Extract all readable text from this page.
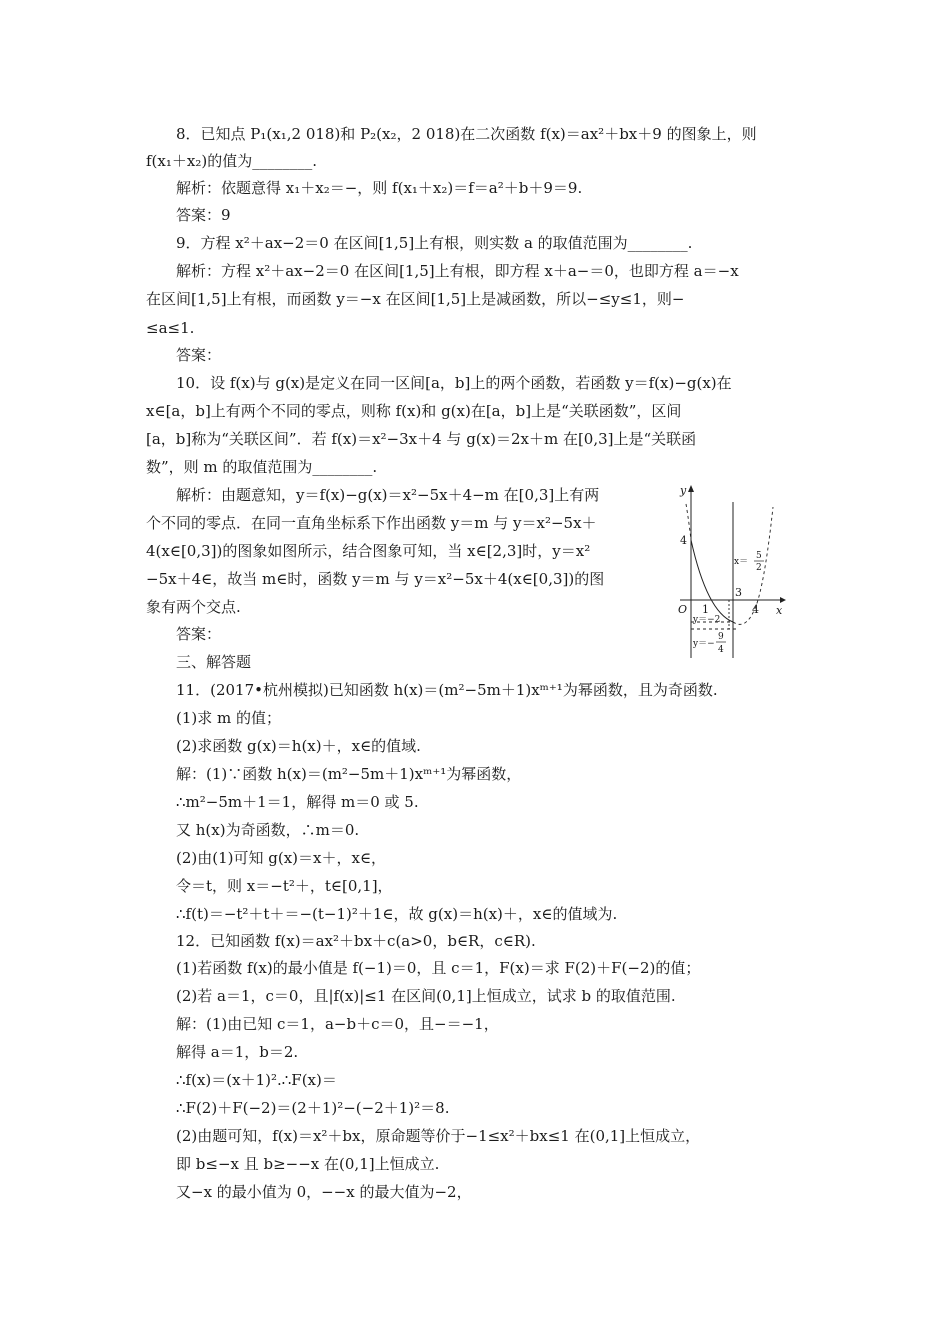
8．已知点 P₁(x₁,2 018)和 P₂(x₂，2 018)在二次函数 f(x)＝ax²＋bx＋9 的图象上，则
f(x₁＋x₂)的值为________.
解析：依题意得 x₁＋x₂＝−，则 f(x₁＋x₂)＝f＝a²＋b＋9＝9.
答案：9
9．方程 x²＋ax−2＝0 在区间[1,5]上有根，则实数 a 的取值范围为________.
解析：方程 x²＋ax−2＝0 在区间[1,5]上有根，即方程 x＋a−＝0，也即方程 a＝−x
在区间[1,5]上有根，而函数 y＝−x 在区间[1,5]上是减函数，所以−≤y≤1，则−
≤a≤1.
答案：
10．设 f(x)与 g(x)是定义在同一区间[a，b]上的两个函数，若函数 y＝f(x)−g(x)在
x∈[a，b]上有两个不同的零点，则称 f(x)和 g(x)在[a，b]上是“关联函数”，区间
[a，b]称为“关联区间”．若 f(x)＝x²−3x＋4 与 g(x)＝2x＋m 在[0,3]上是“关联函
数”，则 m 的取值范围为________.
解析：由题意知，y＝f(x)−g(x)＝x²−5x＋4−m 在[0,3]上有两
个不同的零点．在同一直角坐标系下作出函数 y＝m 与 y＝x²−5x＋
4(x∈[0,3])的图象如图所示，结合图象可知，当 x∈[2,3]时，y＝x²
−5x＋4∈，故当 m∈时，函数 y＝m 与 y＝x²−5x＋4(x∈[0,3])的图
象有两个交点.
答案：
三、解答题
11．(2017•杭州模拟)已知函数 h(x)＝(m²−5m＋1)xᵐ⁺¹为幂函数，且为奇函数.
(1)求 m 的值；
(2)求函数 g(x)＝h(x)＋，x∈的值域.
解：(1)∵函数 h(x)＝(m²−5m＋1)xᵐ⁺¹为幂函数，
∴m²−5m＋1＝1，解得 m＝0 或 5.
又 h(x)为奇函数，∴m＝0.
(2)由(1)可知 g(x)＝x＋，x∈，
令＝t，则 x＝−t²＋，t∈[0,1]，
∴f(t)＝−t²＋t＋＝−(t−1)²＋1∈，故 g(x)＝h(x)＋，x∈的值域为.
12．已知函数 f(x)＝ax²＋bx＋c(a>0，b∈R，c∈R).
(1)若函数 f(x)的最小值是 f(−1)＝0，且 c＝1，F(x)＝求 F(2)＋F(−2)的值；
(2)若 a＝1，c＝0，且|f(x)|≤1 在区间(0,1]上恒成立，试求 b 的取值范围.
解：(1)由已知 c＝1，a−b＋c＝0，且−＝−1，
解得 a＝1，b＝2.
∴f(x)＝(x＋1)².∴F(x)＝
∴F(2)＋F(−2)＝(2＋1)²−(−2＋1)²＝8.
(2)由题可知，f(x)＝x²＋bx，原命题等价于−1≤x²＋bx≤1 在(0,1]上恒成立，
即 b≤−x 且 b≥−−x 在(0,1]上恒成立.
又−x 的最小值为 0，−−x 的最大值为−2，
y
x
O 1
3
4
4
x＝
5
2
y＝−2
y＝−
9
4
